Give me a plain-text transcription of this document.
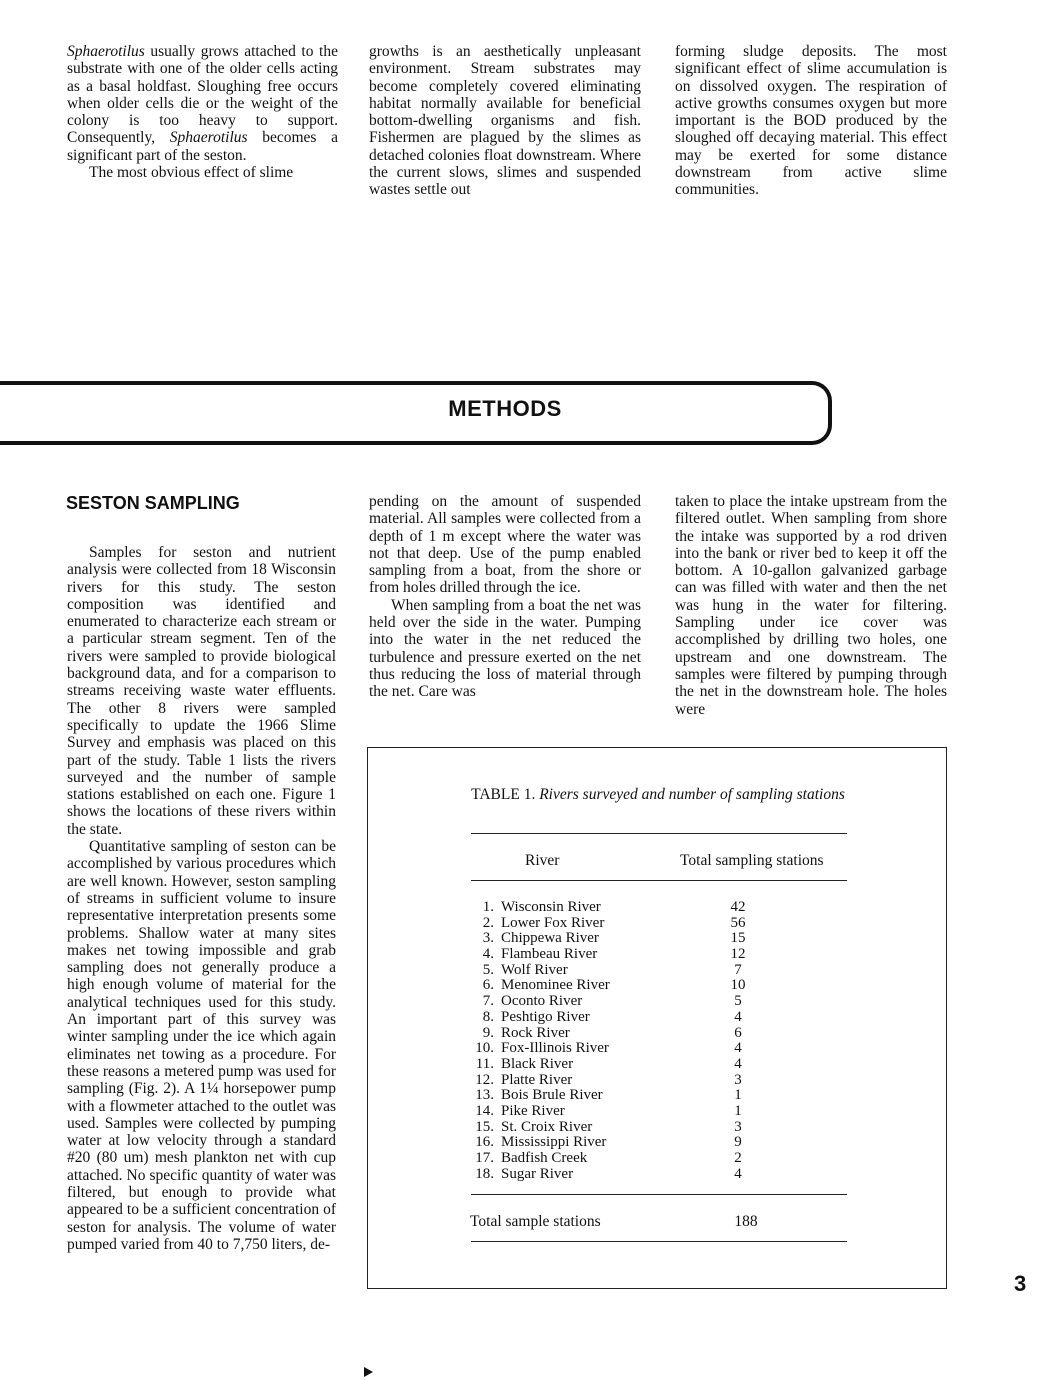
Sphaerotilus usually grows attached to the substrate with one of the older cells acting as a basal holdfast. Sloughing free occurs when older cells die or the weight of the colony is too heavy to support. Consequently, Sphaerotilus becomes a significant part of the seston.

The most obvious effect of slime

growths is an aesthetically unpleasant environment. Stream substrates may become completely covered eliminating habitat normally available for beneficial bottom-dwelling organisms and fish. Fishermen are plagued by the slimes as detached colonies float downstream. Where the current slows, slimes and suspended wastes settle out

forming sludge deposits. The most significant effect of slime accumulation is on dissolved oxygen. The respiration of active growths consumes oxygen but more important is the BOD produced by the sloughed off decaying material. This effect may be exerted for some distance downstream from active slime communities.

METHODS
SESTON SAMPLING

Samples for seston and nutrient analysis were collected from 18 Wisconsin rivers for this study. The seston composition was identified and enumerated to characterize each stream or a particular stream segment. Ten of the rivers were sampled to provide biological background data, and for a comparison to streams receiving waste water effluents. The other 8 rivers were sampled specifically to update the 1966 Slime Survey and emphasis was placed on this part of the study. Table 1 lists the rivers surveyed and the number of sample stations established on each one. Figure 1 shows the locations of these rivers within the state.

Quantitative sampling of seston can be accomplished by various procedures which are well known. However, seston sampling of streams in sufficient volume to insure representative interpretation presents some problems. Shallow water at many sites makes net towing impossible and grab sampling does not generally produce a high enough volume of material for the analytical techniques used for this study. An important part of this survey was winter sampling under the ice which again eliminates net towing as a procedure. For these reasons a metered pump was used for sampling (Fig. 2). A 1¼ horsepower pump with a flowmeter attached to the outlet was used. Samples were collected by pumping water at low velocity through a standard #20 (80 um) mesh plankton net with cup attached. No specific quantity of water was filtered, but enough to provide what appeared to be a sufficient concentration of seston for analysis. The volume of water pumped varied from 40 to 7,750 liters, de-

pending on the amount of suspended material. All samples were collected from a depth of 1 m except where the water was not that deep. Use of the pump enabled sampling from a boat, from the shore or from holes drilled through the ice.

When sampling from a boat the net was held over the side in the water. Pumping into the water in the net reduced the turbulence and pressure exerted on the net thus reducing the loss of material through the net. Care was

taken to place the intake upstream from the filtered outlet. When sampling from shore the intake was supported by a rod driven into the bank or river bed to keep it off the bottom. A 10-gallon galvanized garbage can was filled with water and then the net was hung in the water for filtering. Sampling under ice cover was accomplished by drilling two holes, one upstream and one downstream. The samples were filtered by pumping through the net in the downstream hole. The holes were

TABLE 1. Rivers surveyed and number of sampling stations
River	Total sampling stations
1. Wisconsin River	42
2. Lower Fox River	56
3. Chippewa River	15
4. Flambeau River	12
5. Wolf River	7
6. Menominee River	10
7. Oconto River	5
8. Peshtigo River	4
9. Rock River	6
10. Fox-Illinois River	4
11. Black River	4
12. Platte River	3
13. Bois Brule River	1
14. Pike River	1
15. St. Croix River	3
16. Mississippi River	9
17. Badfish Creek	2
18. Sugar River	4
Total sample stations	188
3
